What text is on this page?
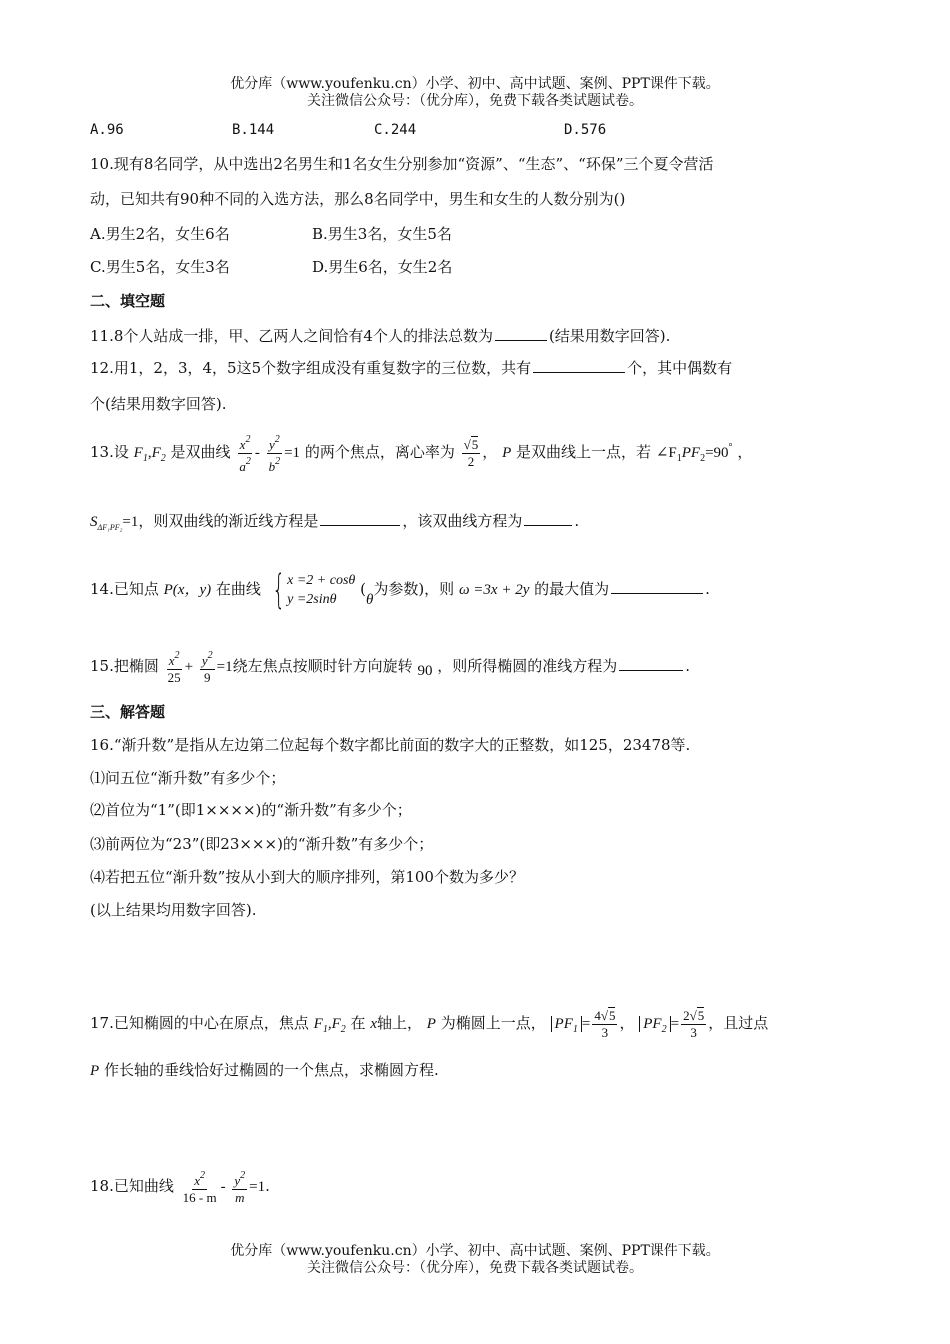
优分库（www.youfenku.cn）小学、初中、高中试题、案例、PPT课件下载。
关注微信公众号：（优分库），免费下载各类试题试卷。
A.96	B.144	C.244	D.576
10.现有8名同学，从中选出2名男生和1名女生分别参加“资源”、“生态”、“环保”三个夏令营活
动，已知共有90种不同的入选方法，那么8名同学中，男生和女生的人数分别为()
A.男生2名，女生6名	B.男生3名，女生5名
C.男生5名，女生3名	D.男生6名，女生2名
二、填空题
11.8个人站成一排，甲、乙两人之间恰有4个人的排法总数为	(结果用数字回答).
12.用1，2，3，4，5这5个数字组成没有重复数字的三位数，共有	个，其中偶数有
个(结果用数字回答).
13.设 $F_1,F_2$ 是双曲线 $\frac{x^2}{a^2} - \frac{y^2}{b^2} =1$ 的两个焦点，离心率为 $\frac{√5}{2}$ ， P 是双曲线上一点，若 $\angle F_1PF_2=90^\circ$ ，
$S_{\Delta F_1PF_2}=1$，则双曲线的渐近线方程是	，该双曲线方程为	.
14.已知点 P(x，y) 在曲线 { x =2 + cosθ
y =2sinθ
(θ为参数)，则 ω =3x + 2y 的最大值为	.
15.把椭圆 $\frac{x^2}{25} + \frac{y^2}{9} =1$绕左焦点按顺时针方向旋转 90 ，则所得椭圆的准线方程为	.
三、解答题
16.“渐升数”是指从左边第二位起每个数字都比前面的数字大的正整数，如125，23478等.
⑴问五位“渐升数”有多少个；
⑵首位为“1”(即1××××)的“渐升数”有多少个；
⑶前两位为“23”(即23×××)的“渐升数”有多少个；
⑷若把五位“渐升数”按从小到大的顺序排列，第100个数为多少？
(以上结果均用数字回答).
17.已知椭圆的中心在原点，焦点 $F_1,F_2$ 在 x轴上， P 为椭圆上一点， $PF_1 = \frac{4√5}{3}$ ， $PF_2 = \frac{2√5}{3}$ ，且过点
P 作长轴的垂线恰好过椭圆的一个焦点，求椭圆方程.
18.已知曲线 $\frac{x^2}{16 - m} - \frac{y^2}{m} =1$.
优分库（www.youfenku.cn）小学、初中、高中试题、案例、PPT课件下载。
关注微信公众号：（优分库），免费下载各类试题试卷。
